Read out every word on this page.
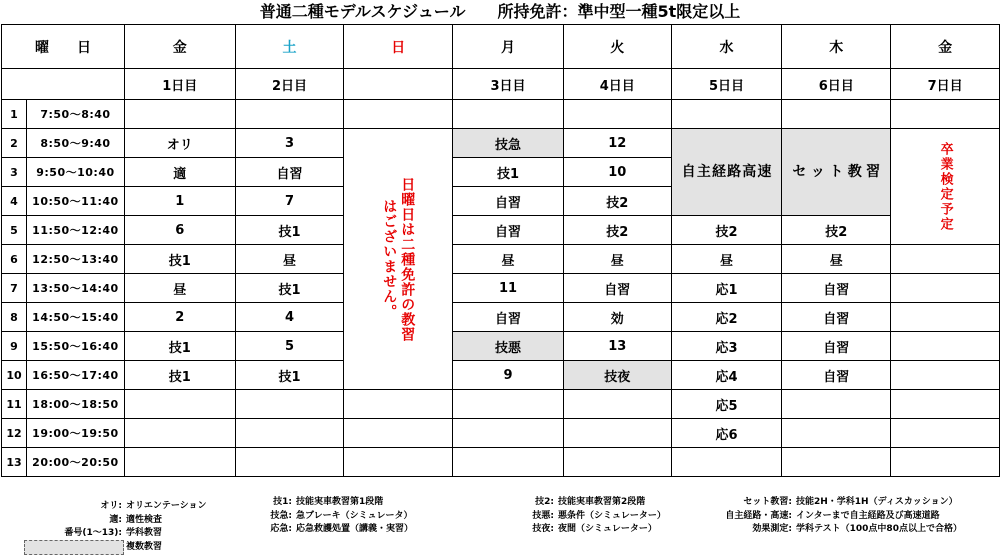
普通二種モデルスケジュール　　所持免許：準中型一種5t限定以上
曜　　日		金	土	日	月	火	水	木	金
		1日目	2日目		3日目	4日目	5日目	6日目	7日目
1	7:50～8:40								
2	8:50～9:40	オリ	3	日曜日は二種免許の教習はございません。	技急	12	自主経路高速	セット教習	卒業検定予定

3	9:50～10:40	適	自習		技1	10			
4	10:50～11:40	1	7		自習	技2			
5	11:50～12:40	6	技1		自習	技2	技2	技2	
6	12:50～13:40	技1	昼		昼	昼	昼	昼	
7	13:50～14:40	昼	技1		11	自習	応1	自習	
8	14:50～15:40	2	4		自習	効	応2	自習	
9	15:50～16:40	技1	5		技悪	13	応3	自習	
10	16:50～17:40	技1	技1		9	技夜	応4	自習	
11	18:00～18:50						応5		
12	19:00～19:50						応6		
13	20:00～20:50								
オリ: オリエンテーション
適: 適性検査
番号(1～13): 学科教習
複数教習
技1: 技能実車教習第1段階
技急: 急ブレーキ（シミュレータ）
応急: 応急救護処置（講義・実習）
技2: 技能実車教習第2段階
技悪: 悪条件（シミュレーター）
技夜: 夜間（シミュレーター）
セット教習: 技能2H・学科1H（ディスカッション）
自主経路・高速: インターまで自主経路及び高速道路
効果測定: 学科テスト（100点中80点以上で合格）
